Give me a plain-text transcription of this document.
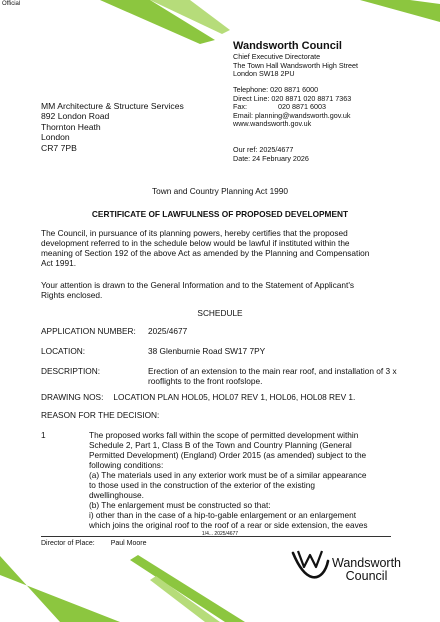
Official
Wandsworth Council
Chief Executive Directorate
The Town Hall Wandsworth High Street
London SW18 2PU
Telephone: 020 8871 6000
Direct Line: 020 8871 020 8871 7363
Fax:	020 8871 6003
Email: planning@wandsworth.gov.uk
www.wandsworth.gov.uk
MM Architecture & Structure Services
892 London Road
Thornton Heath
London
CR7 7PB	Our ref: 2025/4677
Date: 24 February 2026
Town and Country Planning Act 1990
CERTIFICATE OF LAWFULNESS OF PROPOSED DEVELOPMENT
The Council, in pursuance of its planning powers, hereby certifies that the proposed
development referred to in the schedule below would be lawful if instituted within the
meaning of Section 192 of the above Act as amended by the Planning and Compensation
Act 1991.
Your attention is drawn to the General Information and to the Statement of Applicant's
Rights enclosed.
SCHEDULE
APPLICATION NUMBER: 2025/4677
LOCATION:	38 Glenburnie Road SW17 7PY
DESCRIPTION:	Erection of an extension to the main rear roof, and installation of 3 x
rooflights to the front roofslope.
DRAWING NOS: LOCATION PLAN HOL05, HOL07 REV 1, HOL06, HOL08 REV 1.
REASON FOR THE DECISION:
1	The proposed works fall within the scope of permitted development within
Schedule 2, Part 1, Class B of the Town and Country Planning (General
Permitted Development) (England) Order 2015 (as amended) subject to the
following conditions:
(a) The materials used in any exterior work must be of a similar appearance
to those used in the construction of the exterior of the existing
dwellinghouse.
(b) The enlargement must be constructed so that:
i) other than in the case of a hip-to-gable enlargement or an enlargement
which joins the original roof to the roof of a rear or side extension, the eaves
1/4... 2025/4677
Director of Place: Paul Moore
Wandsworth
Council
